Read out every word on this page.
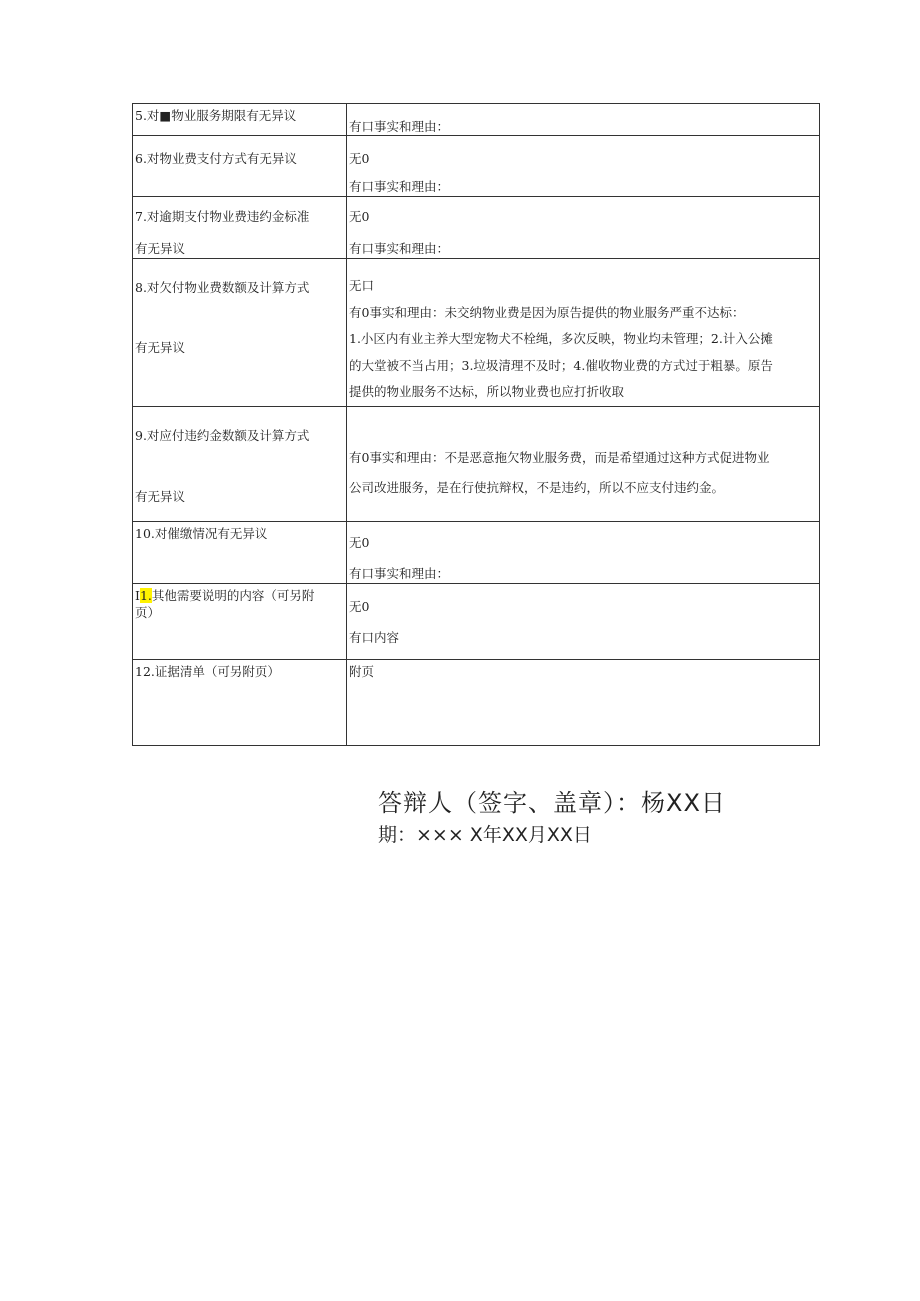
5.对■物业服务期限有无异议	有口事实和理由：

6.对物业费支付方式有无异议	无0
有口事实和理由：

7.对逾期支付物业费违约金标准
有无异议	无0
有口事实和理由：

8.对欠付物业费数额及计算方式
有无异议	无口
有0事实和理由：未交纳物业费是因为原告提供的物业服务严重不达标：
1.小区内有业主养大型宠物犬不栓绳，多次反映，物业均未管理；2.计入公摊
的大堂被不当占用；3.垃圾清理不及时；4.催收物业费的方式过于粗暴。原告
提供的物业服务不达标，所以物业费也应打折收取

9.对应付违约金数额及计算方式
有无异议	有0事实和理由：不是恶意拖欠物业服务费，而是希望通过这种方式促进物业
公司改进服务，是在行使抗辩权，不是违约，所以不应支付违约金。

10.对催缴情况有无异议	无0
有口事实和理由：

I1.其他需要说明的内容（可另附
页）	无0
有口内容

12.证据清单（可另附页）	附页
答辩人（签字、盖章）：杨XX日
期：××× X年XX月XX日
